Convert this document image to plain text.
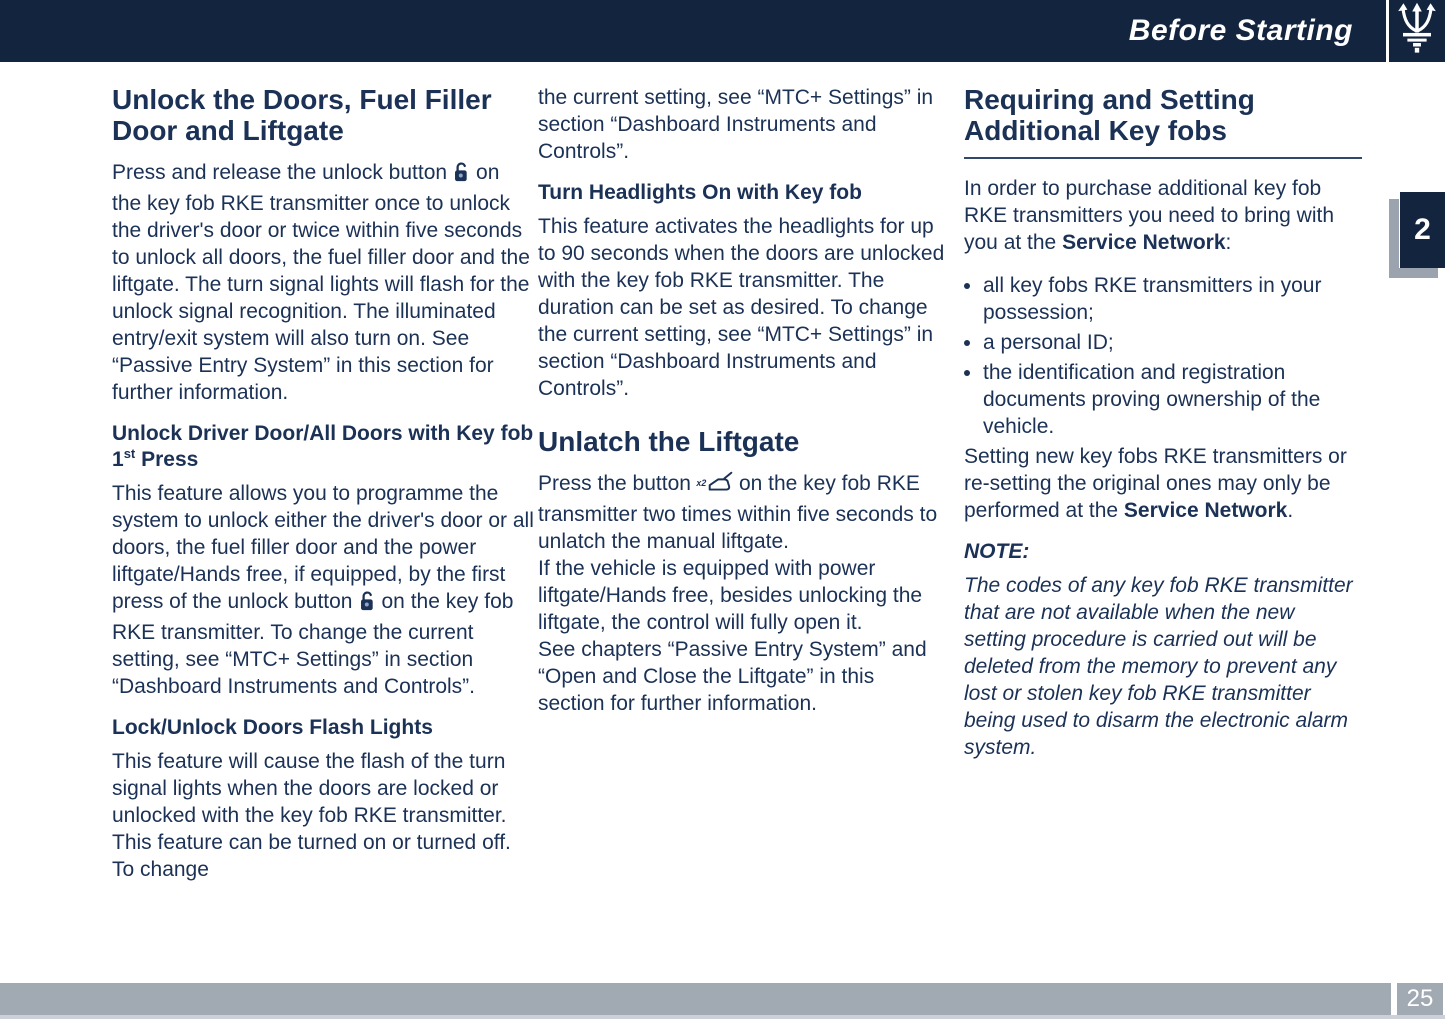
Before Starting
Unlock the Doors, Fuel Filler Door and Liftgate

Press and release the unlock button on the key fob RKE transmitter once to unlock the driver's door or twice within five seconds to unlock all doors, the fuel filler door and the liftgate. The turn signal lights will flash for the unlock signal recognition. The illuminated entry/exit system will also turn on. See “Passive Entry System” in this section for further information.

Unlock Driver Door/All Doors with Key fob 1st Press

This feature allows you to programme the system to unlock either the driver's door or all doors, the fuel filler door and the power liftgate/Hands free, if equipped, by the first press of the unlock button on the key fob RKE transmitter. To change the current setting, see “MTC+ Settings” in section “Dashboard Instruments and Controls”.

Lock/Unlock Doors Flash Lights

This feature will cause the flash of the turn signal lights when the doors are locked or unlocked with the key fob RKE transmitter. This feature can be turned on or turned off. To change

the current setting, see “MTC+ Settings” in section “Dashboard Instruments and Controls”.

Turn Headlights On with Key fob

This feature activates the headlights for up to 90 seconds when the doors are unlocked with the key fob RKE transmitter. The duration can be set as desired. To change the current setting, see “MTC+ Settings” in section “Dashboard Instruments and Controls”.

Unlatch the Liftgate

Press the button x2 on the key fob RKE transmitter two times within five seconds to unlatch the manual liftgate.

If the vehicle is equipped with power liftgate/Hands free, besides unlocking the liftgate, the control will fully open it.

See chapters “Passive Entry System” and “Open and Close the Liftgate” in this section for further information.

Requiring and Setting Additional Key fobs

In order to purchase additional key fob RKE transmitters you need to bring with you at the Service Network:

• all key fobs RKE transmitters in your possession;
• a personal ID;
• the identification and registration documents proving ownership of the vehicle.

Setting new key fobs RKE transmitters or re-setting the original ones may only be performed at the Service Network.

NOTE:

The codes of any key fob RKE transmitter that are not available when the new setting procedure is carried out will be deleted from the memory to prevent any lost or stolen key fob RKE transmitter being used to disarm the electronic alarm system.

2
25
